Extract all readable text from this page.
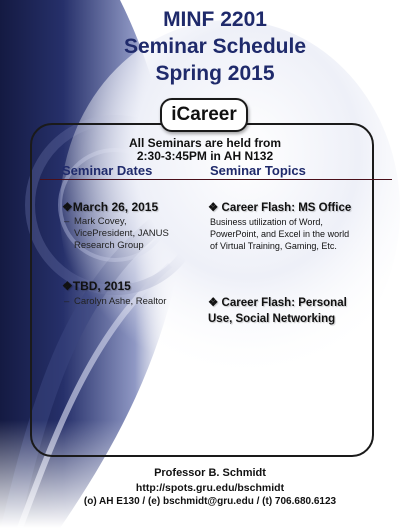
MINF 2201
Seminar Schedule
Spring 2015
iCareer
All Seminars are held from
2:30-3:45PM in AH N132
Seminar Dates	Seminar Topics
❖March 26, 2015
– Mark Covey,
VicePresident, JANUS
Research Group
❖ Career Flash: MS Office
Business utilization of Word,
PowerPoint, and Excel in the world
of Virtual Training, Gaming, Etc.
❖TBD, 2015
– Carolyn Ashe, Realtor	❖ Career Flash: Personal
Use, Social Networking

Professor B. Schmidt
http://spots.gru.edu/bschmidt
(o) AH E130 / (e) bschmidt@gru.edu / (t) 706.680.6123
